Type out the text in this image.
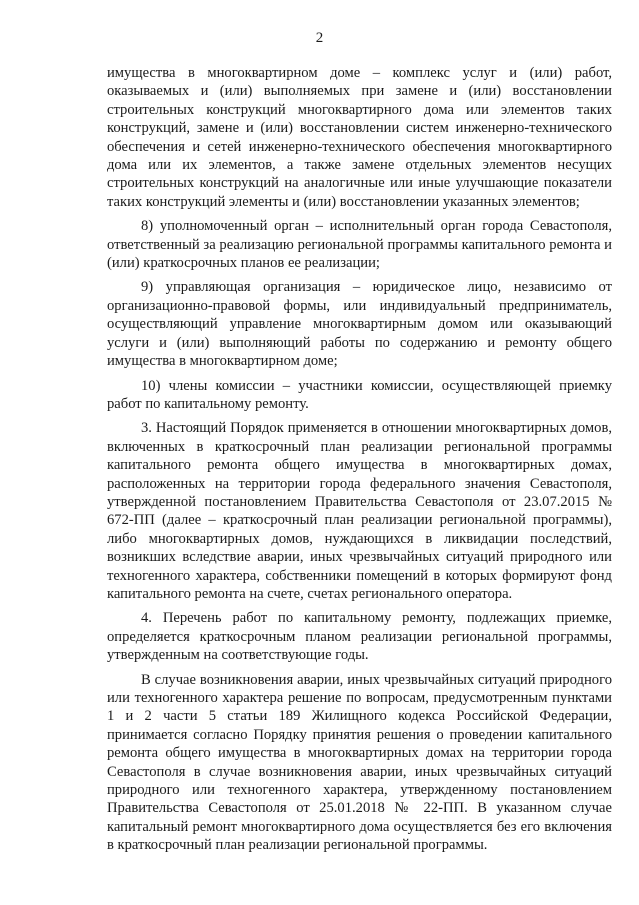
2

имущества в многоквартирном доме – комплекс услуг и (или) работ, оказываемых и (или) выполняемых при замене и (или) восстановлении строительных конструкций многоквартирного дома или элементов таких конструкций, замене и (или) восстановлении систем инженерно-технического обеспечения и сетей инженерно-технического обеспечения многоквартирного дома или их элементов, а также замене отдельных элементов несущих строительных конструкций на аналогичные или иные улучшающие показатели таких конструкций элементы и (или) восстановлении указанных элементов;

8) уполномоченный орган – исполнительный орган города Севастополя, ответственный за реализацию региональной программы капитального ремонта и (или) краткосрочных планов ее реализации;

9) управляющая организация – юридическое лицо, независимо от организационно-правовой формы, или индивидуальный предприниматель, осуществляющий управление многоквартирным домом или оказывающий услуги и (или) выполняющий работы по содержанию и ремонту общего имущества в многоквартирном доме;

10) члены комиссии – участники комиссии, осуществляющей приемку работ по капитальному ремонту.

3. Настоящий Порядок применяется в отношении многоквартирных домов, включенных в краткосрочный план реализации региональной программы капитального ремонта общего имущества в многоквартирных домах, расположенных на территории города федерального значения Севастополя, утвержденной постановлением Правительства Севастополя от 23.07.2015 № 672-ПП (далее – краткосрочный план реализации региональной программы), либо многоквартирных домов, нуждающихся в ликвидации последствий, возникших вследствие аварии, иных чрезвычайных ситуаций природного или техногенного характера, собственники помещений в которых формируют фонд капитального ремонта на счете, счетах регионального оператора.

4. Перечень работ по капитальному ремонту, подлежащих приемке, определяется краткосрочным планом реализации региональной программы, утвержденным на соответствующие годы.

В случае возникновения аварии, иных чрезвычайных ситуаций природного или техногенного характера решение по вопросам, предусмотренным пунктами 1 и 2 части 5 статьи 189 Жилищного кодекса Российской Федерации, принимается согласно Порядку принятия решения о проведении капитального ремонта общего имущества в многоквартирных домах на территории города Севастополя в случае возникновения аварии, иных чрезвычайных ситуаций природного или техногенного характера, утвержденному постановлением Правительства Севастополя от 25.01.2018 № 22-ПП. В указанном случае капитальный ремонт многоквартирного дома осуществляется без его включения в краткосрочный план реализации региональной программы.
